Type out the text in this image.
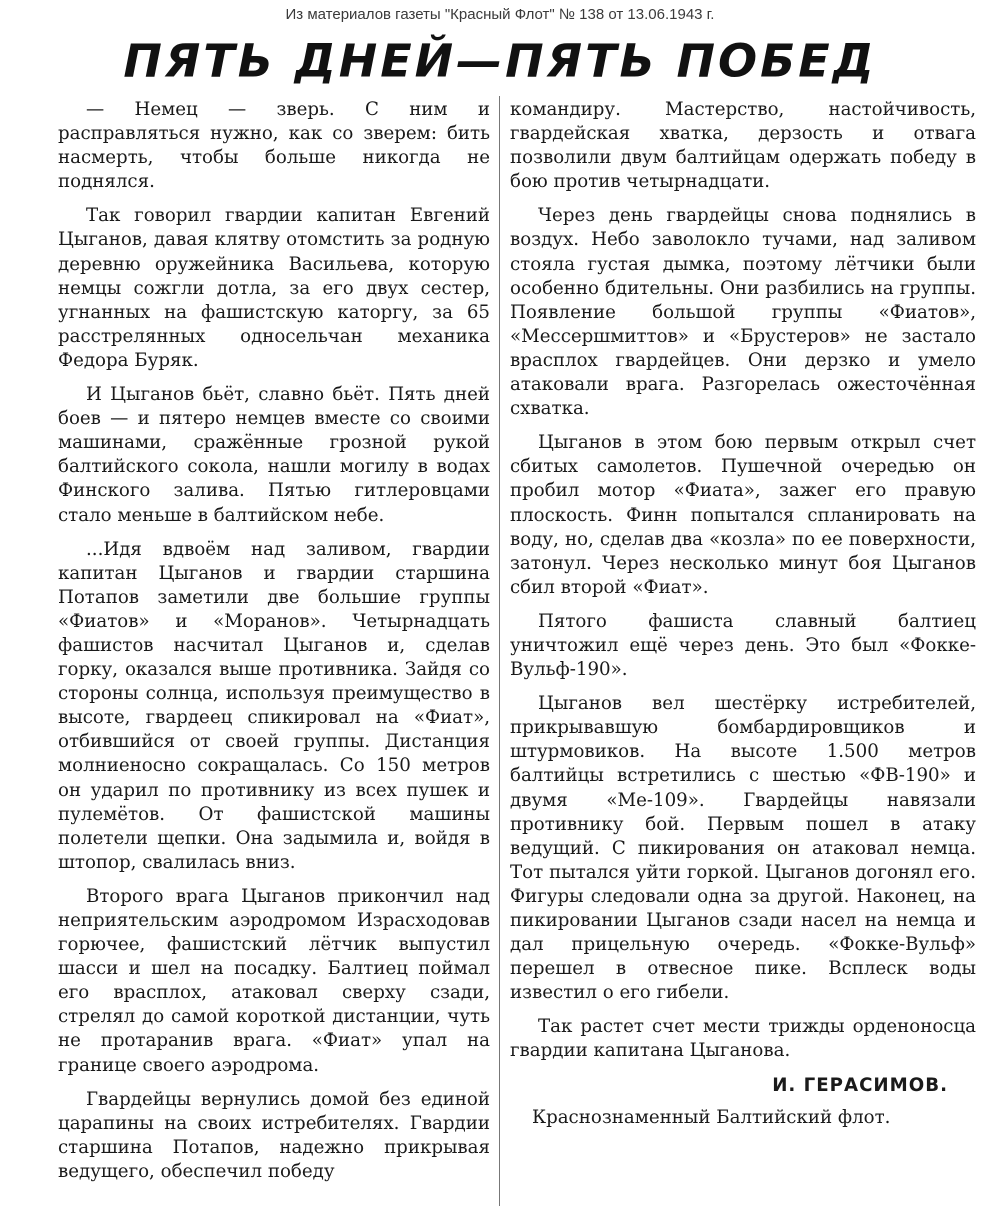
Из материалов газеты "Красный Флот" № 138 от 13.06.1943 г.
ПЯТЬ ДНЕЙ—ПЯТЬ ПОБЕД

— Немец — зверь. С ним и расправляться нужно, как со зверем: бить насмерть, чтобы больше никогда не поднялся.

Так говорил гвардии капитан Евгений Цыганов, давая клятву отомстить за родную деревню оружейника Васильева, которую немцы сожгли дотла, за его двух сестер, угнанных на фашистскую каторгу, за 65 расстрелянных односельчан механика Федора Буряк.

И Цыганов бьёт, славно бьёт. Пять дней боев — и пятеро немцев вместе со своими машинами, сражённые грозной рукой балтийского сокола, нашли могилу в водах Финского залива. Пятью гитлеровцами стало меньше в балтийском небе.

...Идя вдвоём над заливом, гвардии капитан Цыганов и гвардии старшина Потапов заметили две большие группы «Фиатов» и «Моранов». Четырнадцать фашистов насчитал Цыганов и, сделав горку, оказался выше противника. Зайдя со стороны солнца, используя преимущество в высоте, гвардеец спикировал на «Фиат», отбившийся от своей группы. Дистанция молниеносно сокращалась. Со 150 метров он ударил по противнику из всех пушек и пулемётов. От фашистской машины полетели щепки. Она задымила и, войдя в штопор, свалилась вниз.

Второго врага Цыганов прикончил над неприятельским аэродромом Израсходовав горючее, фашистский лётчик выпустил шасси и шел на посадку. Балтиец поймал его врасплох, атаковал сверху сзади, стрелял до самой короткой дистанции, чуть не протаранив врага. «Фиат» упал на границе своего аэродрома.

Гвардейцы вернулись домой без единой царапины на своих истребителях. Гвардии старшина Потапов, надежно прикрывая ведущего, обеспечил победу

командиру. Мастерство, настойчивость, гвардейская хватка, дерзость и отвага позволили двум балтийцам одержать победу в бою против четырнадцати.

Через день гвардейцы снова поднялись в воздух. Небо заволокло тучами, над заливом стояла густая дымка, поэтому лётчики были особенно бдительны. Они разбились на группы. Появление большой группы «Фиатов», «Мессершмиттов» и «Брустеров» не застало врасплох гвардейцев. Они дерзко и умело атаковали врага. Разгорелась ожесточённая схватка.

Цыганов в этом бою первым открыл счет сбитых самолетов. Пушечной очередью он пробил мотор «Фиата», зажег его правую плоскость. Финн попытался спланировать на воду, но, сделав два «козла» по ее поверхности, затонул. Через несколько минут боя Цыганов сбил второй «Фиат».

Пятого фашиста славный балтиец уничтожил ещё через день. Это был «Фокке-Вульф-190».

Цыганов вел шестёрку истребителей, прикрывавшую бомбардировщиков и штурмовиков. На высоте 1.500 метров балтийцы встретились с шестью «ФВ-190» и двумя «Ме-109». Гвардейцы навязали противнику бой. Первым пошел в атаку ведущий. С пикирования он атаковал немца. Тот пытался уйти горкой. Цыганов догонял его. Фигуры следовали одна за другой. Наконец, на пикировании Цыганов сзади насел на немца и дал прицельную очередь. «Фокке-Вульф» перешел в отвесное пике. Всплеск воды известил о его гибели.

Так растет счет мести трижды орденоносца гвардии капитана Цыганова.

И. ГЕРАСИМОВ.

Краснознаменный Балтийский флот.
